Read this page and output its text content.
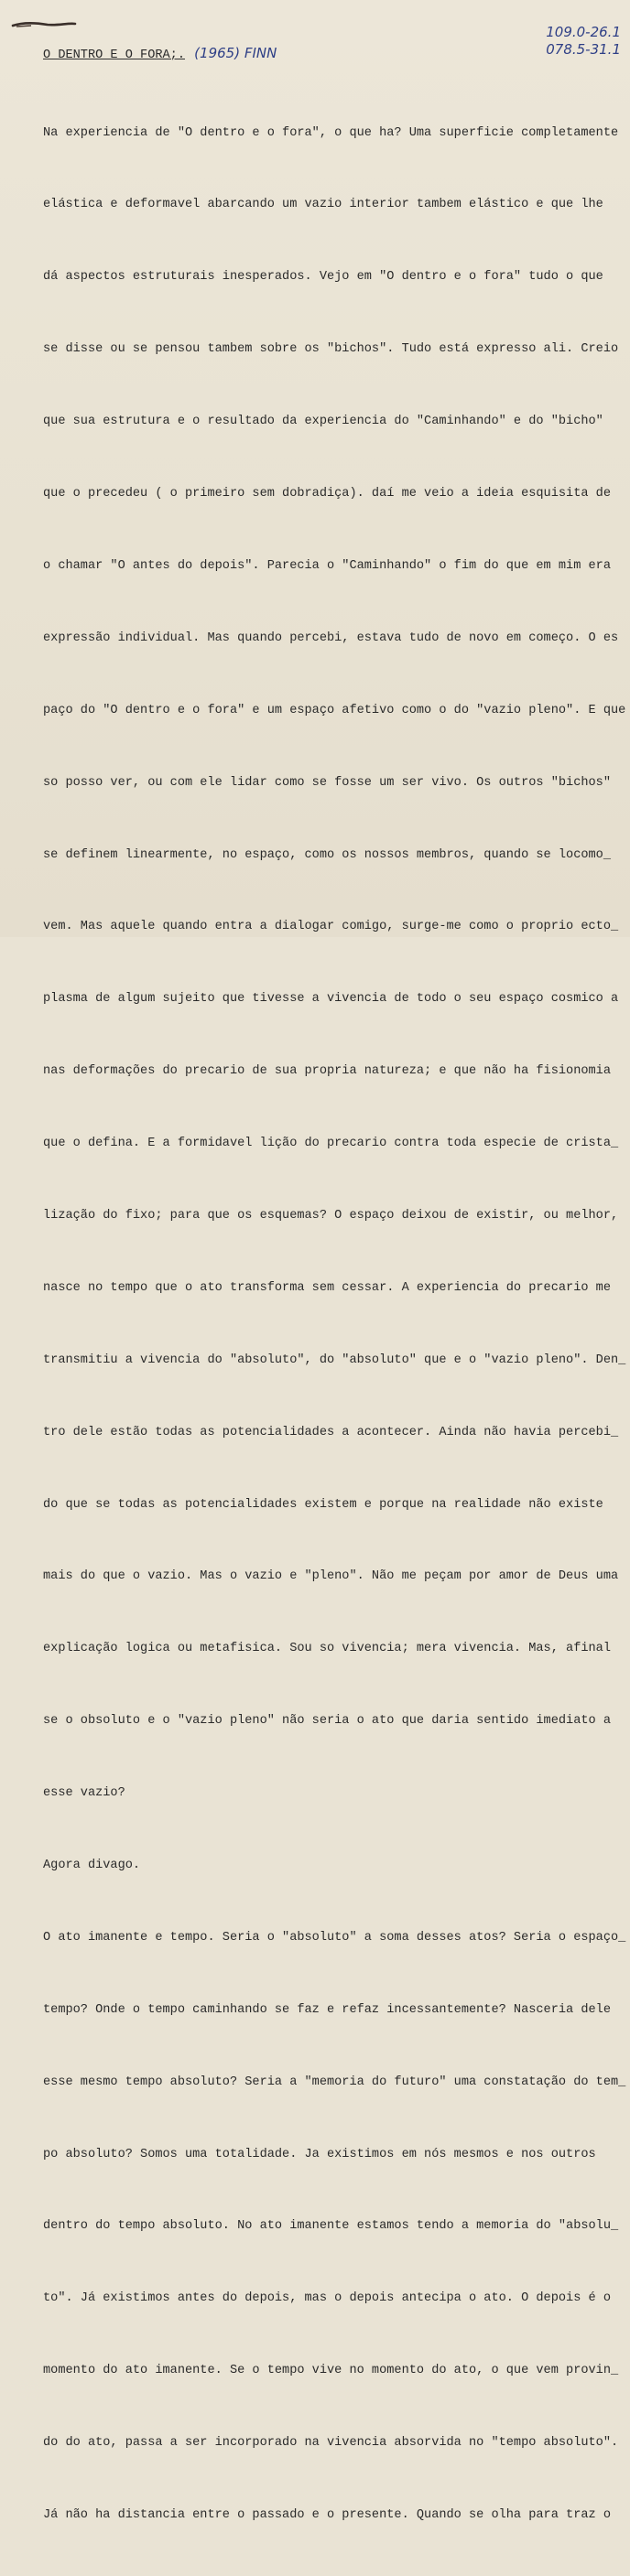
109.0-26.1
078.5-31.1
O DENTRO E O FORA;. (1965) FINN

Na experiencia de "O dentro e o fora", o que ha? Uma superficie completamente

elástica e deformavel abarcando um vazio interior tambem elástico e que lhe

dá aspectos estruturais inesperados. Vejo em "O dentro e o fora" tudo o que

se disse ou se pensou tambem sobre os "bichos". Tudo está expresso ali. Creio

que sua estrutura e o resultado da experiencia do "Caminhando" e do "bicho"

que o precedeu ( o primeiro sem dobradiça). daí me veio a ideia esquisita de

o chamar "O antes do depois". Parecia o "Caminhando" o fim do que em mim era

expressão individual. Mas quando percebi, estava tudo de novo em começo. O es

paço do "O dentro e o fora" e um espaço afetivo como o do "vazio pleno". E que

so posso ver, ou com ele lidar como se fosse um ser vivo. Os outros "bichos"

se definem linearmente, no espaço, como os nossos membros, quando se locomo_

vem. Mas aquele quando entra a dialogar comigo, surge-me como o proprio ecto_

plasma de algum sujeito que tivesse a vivencia de todo o seu espaço cosmico a

nas deformações do precario de sua propria natureza; e que não ha fisionomia

que o defina. E a formidavel lição do precario contra toda especie de crista_

lização do fixo; para que os esquemas? O espaço deixou de existir, ou melhor,

nasce no tempo que o ato transforma sem cessar. A experiencia do precario me

transmitiu a vivencia do "absoluto", do "absoluto" que e o "vazio pleno". Den_

tro dele estão todas as potencialidades a acontecer. Ainda não havia percebi_

do que se todas as potencialidades existem e porque na realidade não existe

mais do que o vazio. Mas o vazio e "pleno". Não me peçam por amor de Deus uma

explicação logica ou metafisica. Sou so vivencia; mera vivencia. Mas, afinal

se o obsoluto e o "vazio pleno" não seria o ato que daria sentido imediato a

esse vazio?

Agora divago.

O ato imanente e tempo. Seria o "absoluto" a soma desses atos? Seria o espaço_

tempo? Onde o tempo caminhando se faz e refaz incessantemente? Nasceria dele

esse mesmo tempo absoluto? Seria a "memoria do futuro" uma constatação do tem_

po absoluto? Somos uma totalidade. Ja existimos em nós mesmos e nos outros

dentro do tempo absoluto. No ato imanente estamos tendo a memoria do "absolu_

to". Já existimos antes do depois, mas o depois antecipa o ato. O depois é o

momento do ato imanente. Se o tempo vive no momento do ato, o que vem provin_

do do ato, passa a ser incorporado na vivencia absorvida no "tempo absoluto".

Já não ha distancia entre o passado e o presente. Quando se olha para traz o
